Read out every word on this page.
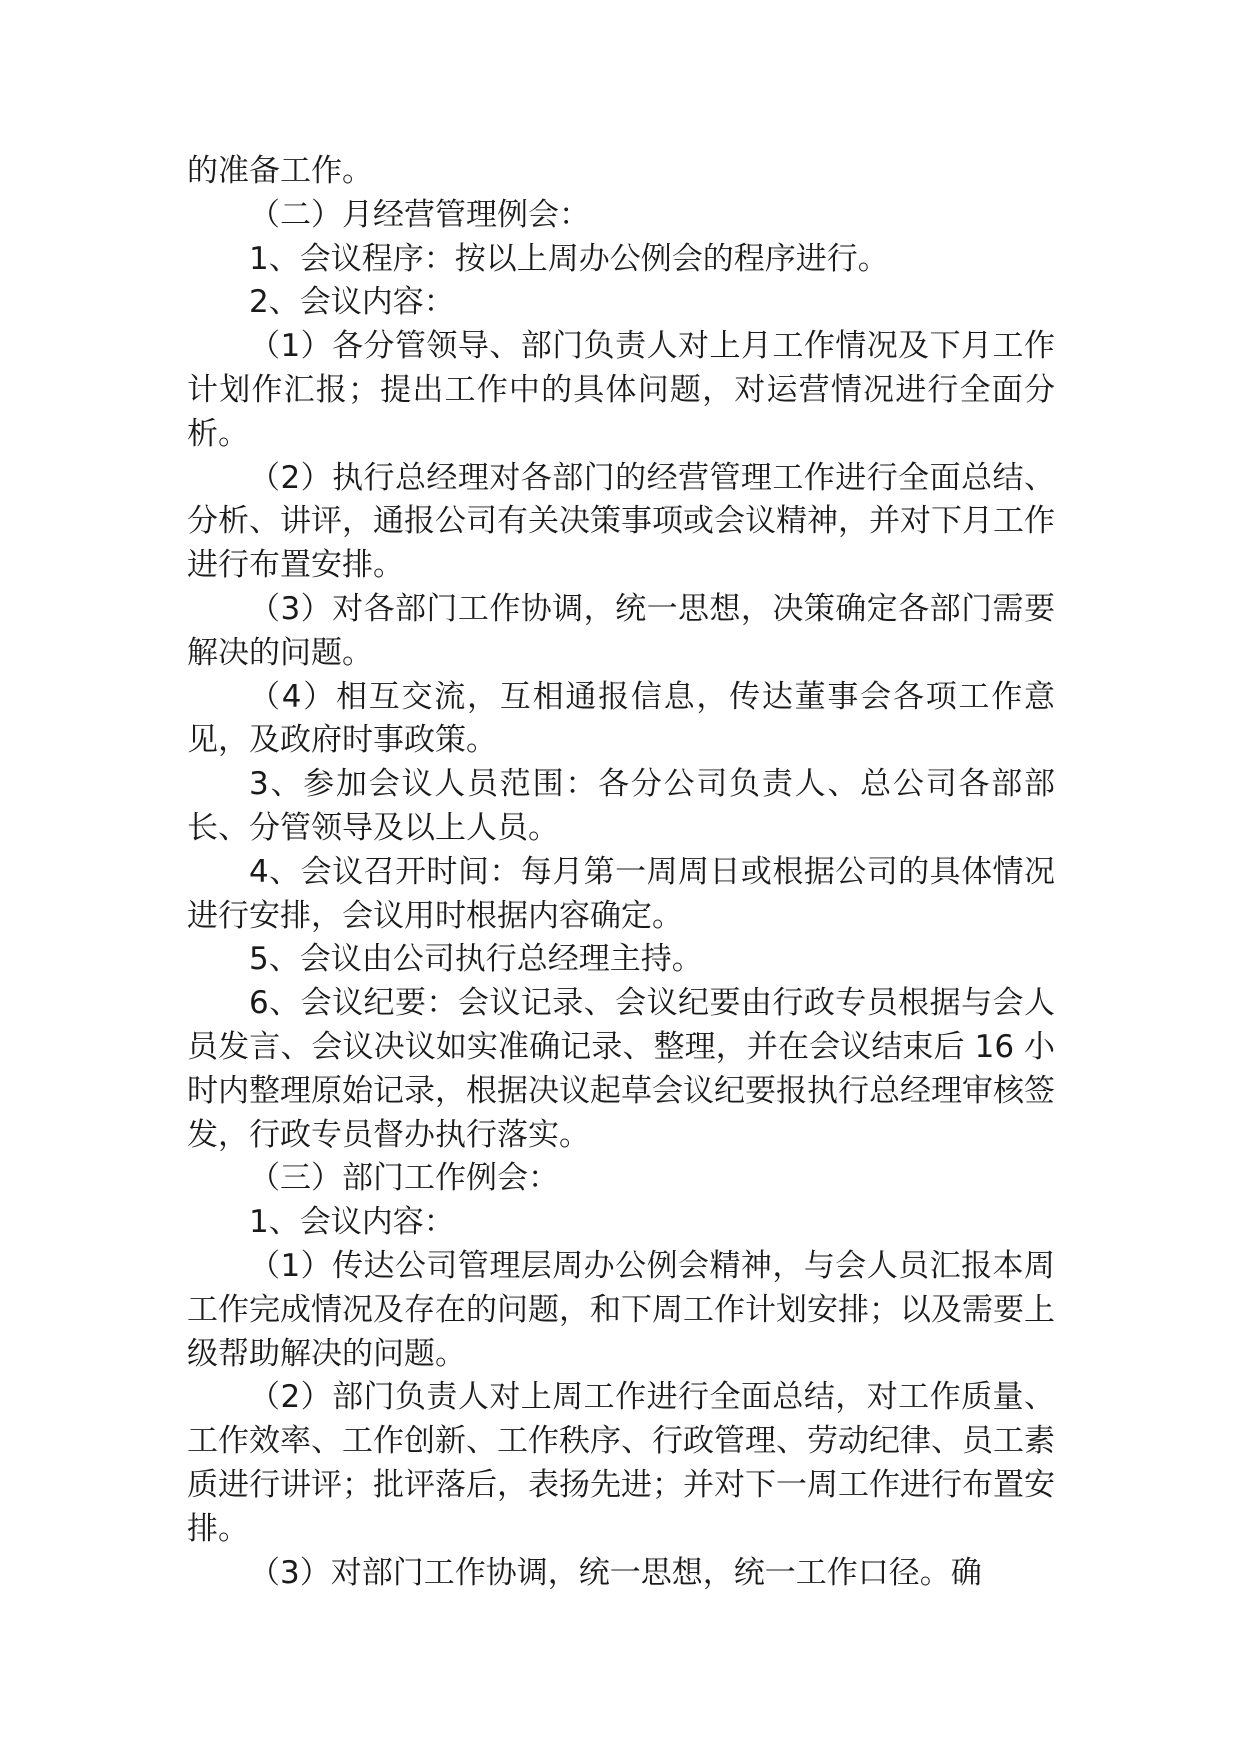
的准备工作。

（二）月经营管理例会：

1、会议程序：按以上周办公例会的程序进行。

2、会议内容：

（1）各分管领导、部门负责人对上月工作情况及下月工作计划作汇报；提出工作中的具体问题，对运营情况进行全面分析。

（2）执行总经理对各部门的经营管理工作进行全面总结、分析、讲评，通报公司有关决策事项或会议精神，并对下月工作进行布置安排。

（3）对各部门工作协调，统一思想，决策确定各部门需要解决的问题。

（4）相互交流，互相通报信息，传达董事会各项工作意见，及政府时事政策。

3、参加会议人员范围：各分公司负责人、总公司各部部长、分管领导及以上人员。

4、会议召开时间：每月第一周周日或根据公司的具体情况进行安排，会议用时根据内容确定。

5、会议由公司执行总经理主持。

6、会议纪要：会议记录、会议纪要由行政专员根据与会人员发言、会议决议如实准确记录、整理，并在会议结束后 16 小时内整理原始记录，根据决议起草会议纪要报执行总经理审核签发，行政专员督办执行落实。

（三）部门工作例会：

1、会议内容：

（1）传达公司管理层周办公例会精神，与会人员汇报本周工作完成情况及存在的问题，和下周工作计划安排；以及需要上级帮助解决的问题。

（2）部门负责人对上周工作进行全面总结，对工作质量、工作效率、工作创新、工作秩序、行政管理、劳动纪律、员工素质进行讲评；批评落后，表扬先进；并对下一周工作进行布置安排。

（3）对部门工作协调，统一思想，统一工作口径。确
